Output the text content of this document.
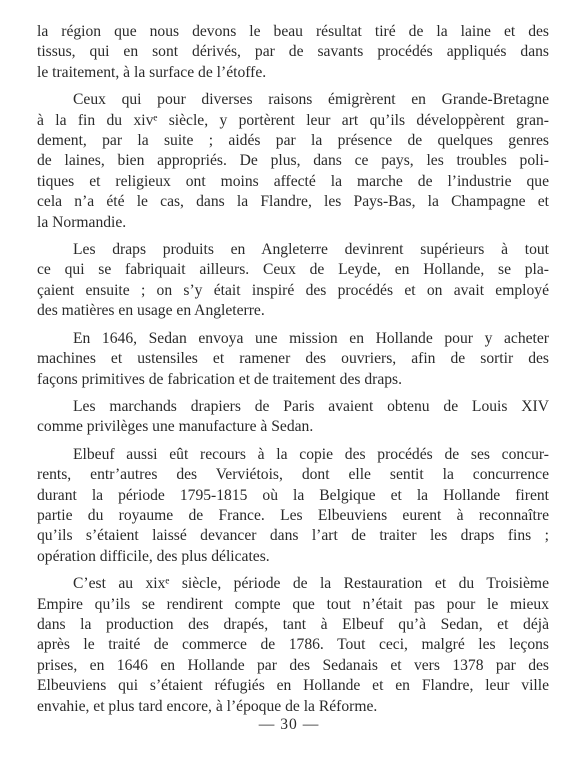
la région que nous devons le beau résultat tiré de la laine et des
tissus, qui en sont dérivés, par de savants procédés appliqués dans
le traitement, à la surface de l’étoffe.

Ceux qui pour diverses raisons émigrèrent en Grande-Bretagne
à la fin du xivᵉ siècle, y portèrent leur art qu’ils développèrent gran-
dement, par la suite ; aidés par la présence de quelques genres
de laines, bien appropriés. De plus, dans ce pays, les troubles poli-
tiques et religieux ont moins affecté la marche de l’industrie que
cela n’a été le cas, dans la Flandre, les Pays-Bas, la Champagne et
la Normandie.

Les draps produits en Angleterre devinrent supérieurs à tout
ce qui se fabriquait ailleurs. Ceux de Leyde, en Hollande, se pla-
çaient ensuite ; on s’y était inspiré des procédés et on avait employé
des matières en usage en Angleterre.

En 1646, Sedan envoya une mission en Hollande pour y acheter
machines et ustensiles et ramener des ouvriers, afin de sortir des
façons primitives de fabrication et de traitement des draps.

Les marchands drapiers de Paris avaient obtenu de Louis XIV
comme privilèges une manufacture à Sedan.

Elbeuf aussi eût recours à la copie des procédés de ses concur-
rents, entr’autres des Verviétois, dont elle sentit la concurrence
durant la période 1795-1815 où la Belgique et la Hollande firent
partie du royaume de France. Les Elbeuviens eurent à reconnaître
qu’ils s’étaient laissé devancer dans l’art de traiter les draps fins ;
opération difficile, des plus délicates.

C’est au xixᵉ siècle, période de la Restauration et du Troisième
Empire qu’ils se rendirent compte que tout n’était pas pour le mieux
dans la production des drapés, tant à Elbeuf qu’à Sedan, et déjà
après le traité de commerce de 1786. Tout ceci, malgré les leçons
prises, en 1646 en Hollande par des Sedanais et vers 1378 par des
Elbeuviens qui s’étaient réfugiés en Hollande et en Flandre, leur ville
envahie, et plus tard encore, à l’époque de la Réforme.

— 30 —
